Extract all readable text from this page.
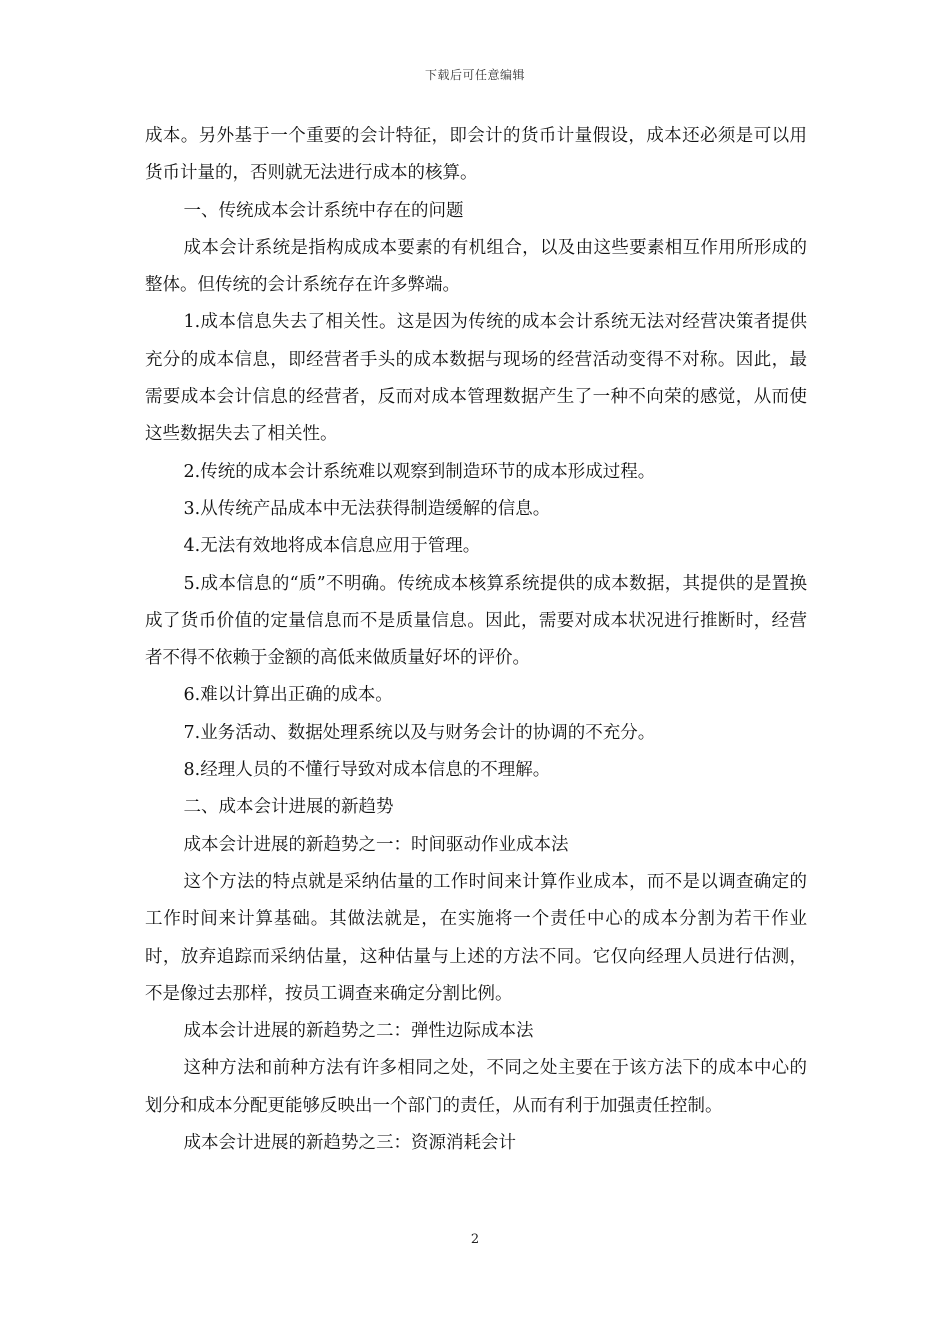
下载后可任意编辑

成本。另外基于一个重要的会计特征，即会计的货币计量假设，成本还必须是可以用货币计量的，否则就无法进行成本的核算。

一、传统成本会计系统中存在的问题

成本会计系统是指构成成本要素的有机组合，以及由这些要素相互作用所形成的整体。但传统的会计系统存在许多弊端。

1.成本信息失去了相关性。这是因为传统的成本会计系统无法对经营决策者提供充分的成本信息，即经营者手头的成本数据与现场的经营活动变得不对称。因此，最需要成本会计信息的经营者，反而对成本管理数据产生了一种不向荣的感觉，从而使这些数据失去了相关性。

2.传统的成本会计系统难以观察到制造环节的成本形成过程。

3.从传统产品成本中无法获得制造缓解的信息。

4.无法有效地将成本信息应用于管理。

5.成本信息的“质”不明确。传统成本核算系统提供的成本数据，其提供的是置换成了货币价值的定量信息而不是质量信息。因此，需要对成本状况进行推断时，经营者不得不依赖于金额的高低来做质量好坏的评价。

6.难以计算出正确的成本。

7.业务活动、数据处理系统以及与财务会计的协调的不充分。

8.经理人员的不懂行导致对成本信息的不理解。

二、成本会计进展的新趋势

成本会计进展的新趋势之一：时间驱动作业成本法

这个方法的特点就是采纳估量的工作时间来计算作业成本，而不是以调查确定的工作时间来计算基础。其做法就是，在实施将一个责任中心的成本分割为若干作业时，放弃追踪而采纳估量，这种估量与上述的方法不同。它仅向经理人员进行估测，不是像过去那样，按员工调查来确定分割比例。

成本会计进展的新趋势之二：弹性边际成本法

这种方法和前种方法有许多相同之处，不同之处主要在于该方法下的成本中心的划分和成本分配更能够反映出一个部门的责任，从而有利于加强责任控制。

成本会计进展的新趋势之三：资源消耗会计

2
